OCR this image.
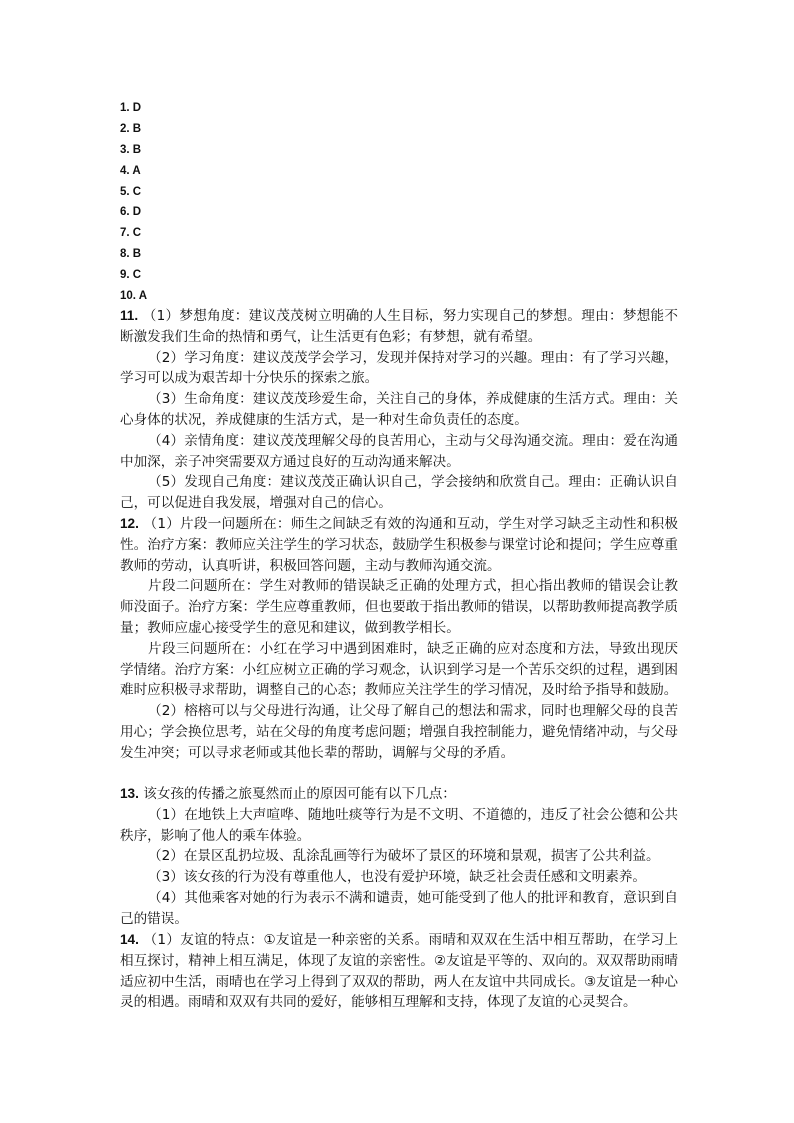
1. D
2. B
3. B
4. A
5. C
6. D
7. C
8. B
9. C
10. A

11. （1）梦想角度：建议茂茂树立明确的人生目标，努力实现自己的梦想。理由：梦想能不断激发我们生命的热情和勇气，让生活更有色彩；有梦想，就有希望。

（2）学习角度：建议茂茂学会学习，发现并保持对学习的兴趣。理由：有了学习兴趣，学习可以成为艰苦却十分快乐的探索之旅。

（3）生命角度：建议茂茂珍爱生命，关注自己的身体，养成健康的生活方式。理由：关心身体的状况，养成健康的生活方式，是一种对生命负责任的态度。

（4）亲情角度：建议茂茂理解父母的良苦用心，主动与父母沟通交流。理由：爱在沟通中加深，亲子冲突需要双方通过良好的互动沟通来解决。

（5）发现自己角度：建议茂茂正确认识自己，学会接纳和欣赏自己。理由：正确认识自己，可以促进自我发展，增强对自己的信心。

12. （1）片段一问题所在：师生之间缺乏有效的沟通和互动，学生对学习缺乏主动性和积极性。治疗方案：教师应关注学生的学习状态，鼓励学生积极参与课堂讨论和提问；学生应尊重教师的劳动，认真听讲，积极回答问题，主动与教师沟通交流。

片段二问题所在：学生对教师的错误缺乏正确的处理方式，担心指出教师的错误会让教师没面子。治疗方案：学生应尊重教师，但也要敢于指出教师的错误，以帮助教师提高教学质量；教师应虚心接受学生的意见和建议，做到教学相长。

片段三问题所在：小红在学习中遇到困难时，缺乏正确的应对态度和方法，导致出现厌学情绪。治疗方案：小红应树立正确的学习观念，认识到学习是一个苦乐交织的过程，遇到困难时应积极寻求帮助，调整自己的心态；教师应关注学生的学习情况，及时给予指导和鼓励。

（2）榕榕可以与父母进行沟通，让父母了解自己的想法和需求，同时也理解父母的良苦用心；学会换位思考，站在父母的角度考虑问题；增强自我控制能力，避免情绪冲动，与父母发生冲突；可以寻求老师或其他长辈的帮助，调解与父母的矛盾。

13. 该女孩的传播之旅戛然而止的原因可能有以下几点：

（1）在地铁上大声喧哗、随地吐痰等行为是不文明、不道德的，违反了社会公德和公共秩序，影响了他人的乘车体验。

（2）在景区乱扔垃圾、乱涂乱画等行为破坏了景区的环境和景观，损害了公共利益。

（3）该女孩的行为没有尊重他人，也没有爱护环境，缺乏社会责任感和文明素养。

（4）其他乘客对她的行为表示不满和谴责，她可能受到了他人的批评和教育，意识到自己的错误。

14. （1）友谊的特点：①友谊是一种亲密的关系。雨晴和双双在生活中相互帮助，在学习上相互探讨，精神上相互满足，体现了友谊的亲密性。②友谊是平等的、双向的。双双帮助雨晴适应初中生活，雨晴也在学习上得到了双双的帮助，两人在友谊中共同成长。③友谊是一种心灵的相遇。雨晴和双双有共同的爱好，能够相互理解和支持，体现了友谊的心灵契合。
